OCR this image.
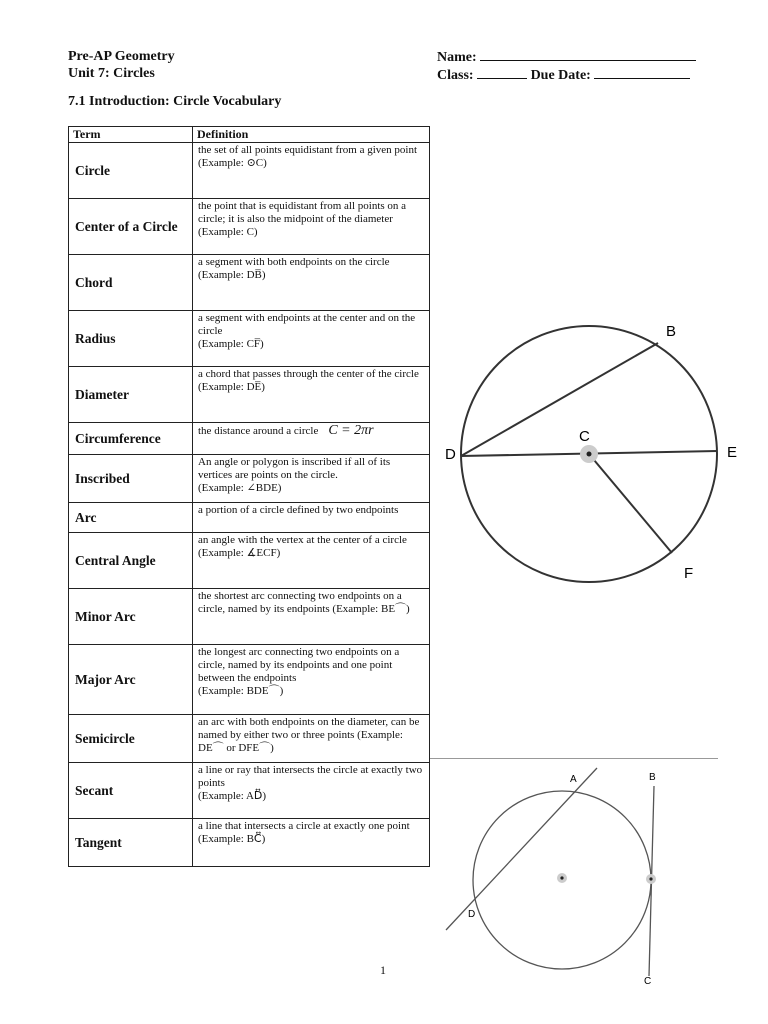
Pre-AP Geometry
Unit 7: Circles
Name:
Class:	Due Date:
7.1 Introduction: Circle Vocabulary
Term	Definition
Circle	the set of all points equidistant from a given point
(Example: ⊙C)

Center of a Circle	the point that is equidistant from all points on a circle; it is also the midpoint of the diameter (Example: C)
Chord	a segment with both endpoints on the circle
(Example: DB̅)

Radius	a segment with endpoints at the center and on the circle
(Example: CF̅)

Diameter	a chord that passes through the center of the circle
(Example: DE̅)

Circumference	the distance around a circle C = 2πr
Inscribed	An angle or polygon is inscribed if all of its vertices are points on the circle.
(Example: ∠BDE)

Arc	a portion of a circle defined by two endpoints
Central Angle	an angle with the vertex at the center of a circle
(Example: ∡ECF)

Minor Arc	the shortest arc connecting two endpoints on a circle, named by its endpoints (Example: BE⌒)
Major Arc	the longest arc connecting two endpoints on a circle, named by its endpoints and one point between the endpoints
(Example: BDE⌒)

Semicircle	an arc with both endpoints on the diameter, can be named by either two or three points (Example: DE⌒ or DFE⌒)
Secant	a line or ray that intersects the circle at exactly two points
(Example: AD⃡)

Tangent	a line that intersects a circle at exactly one point (Example: BC⃡)
B
C
D	E
F
A	B
C
D
1
